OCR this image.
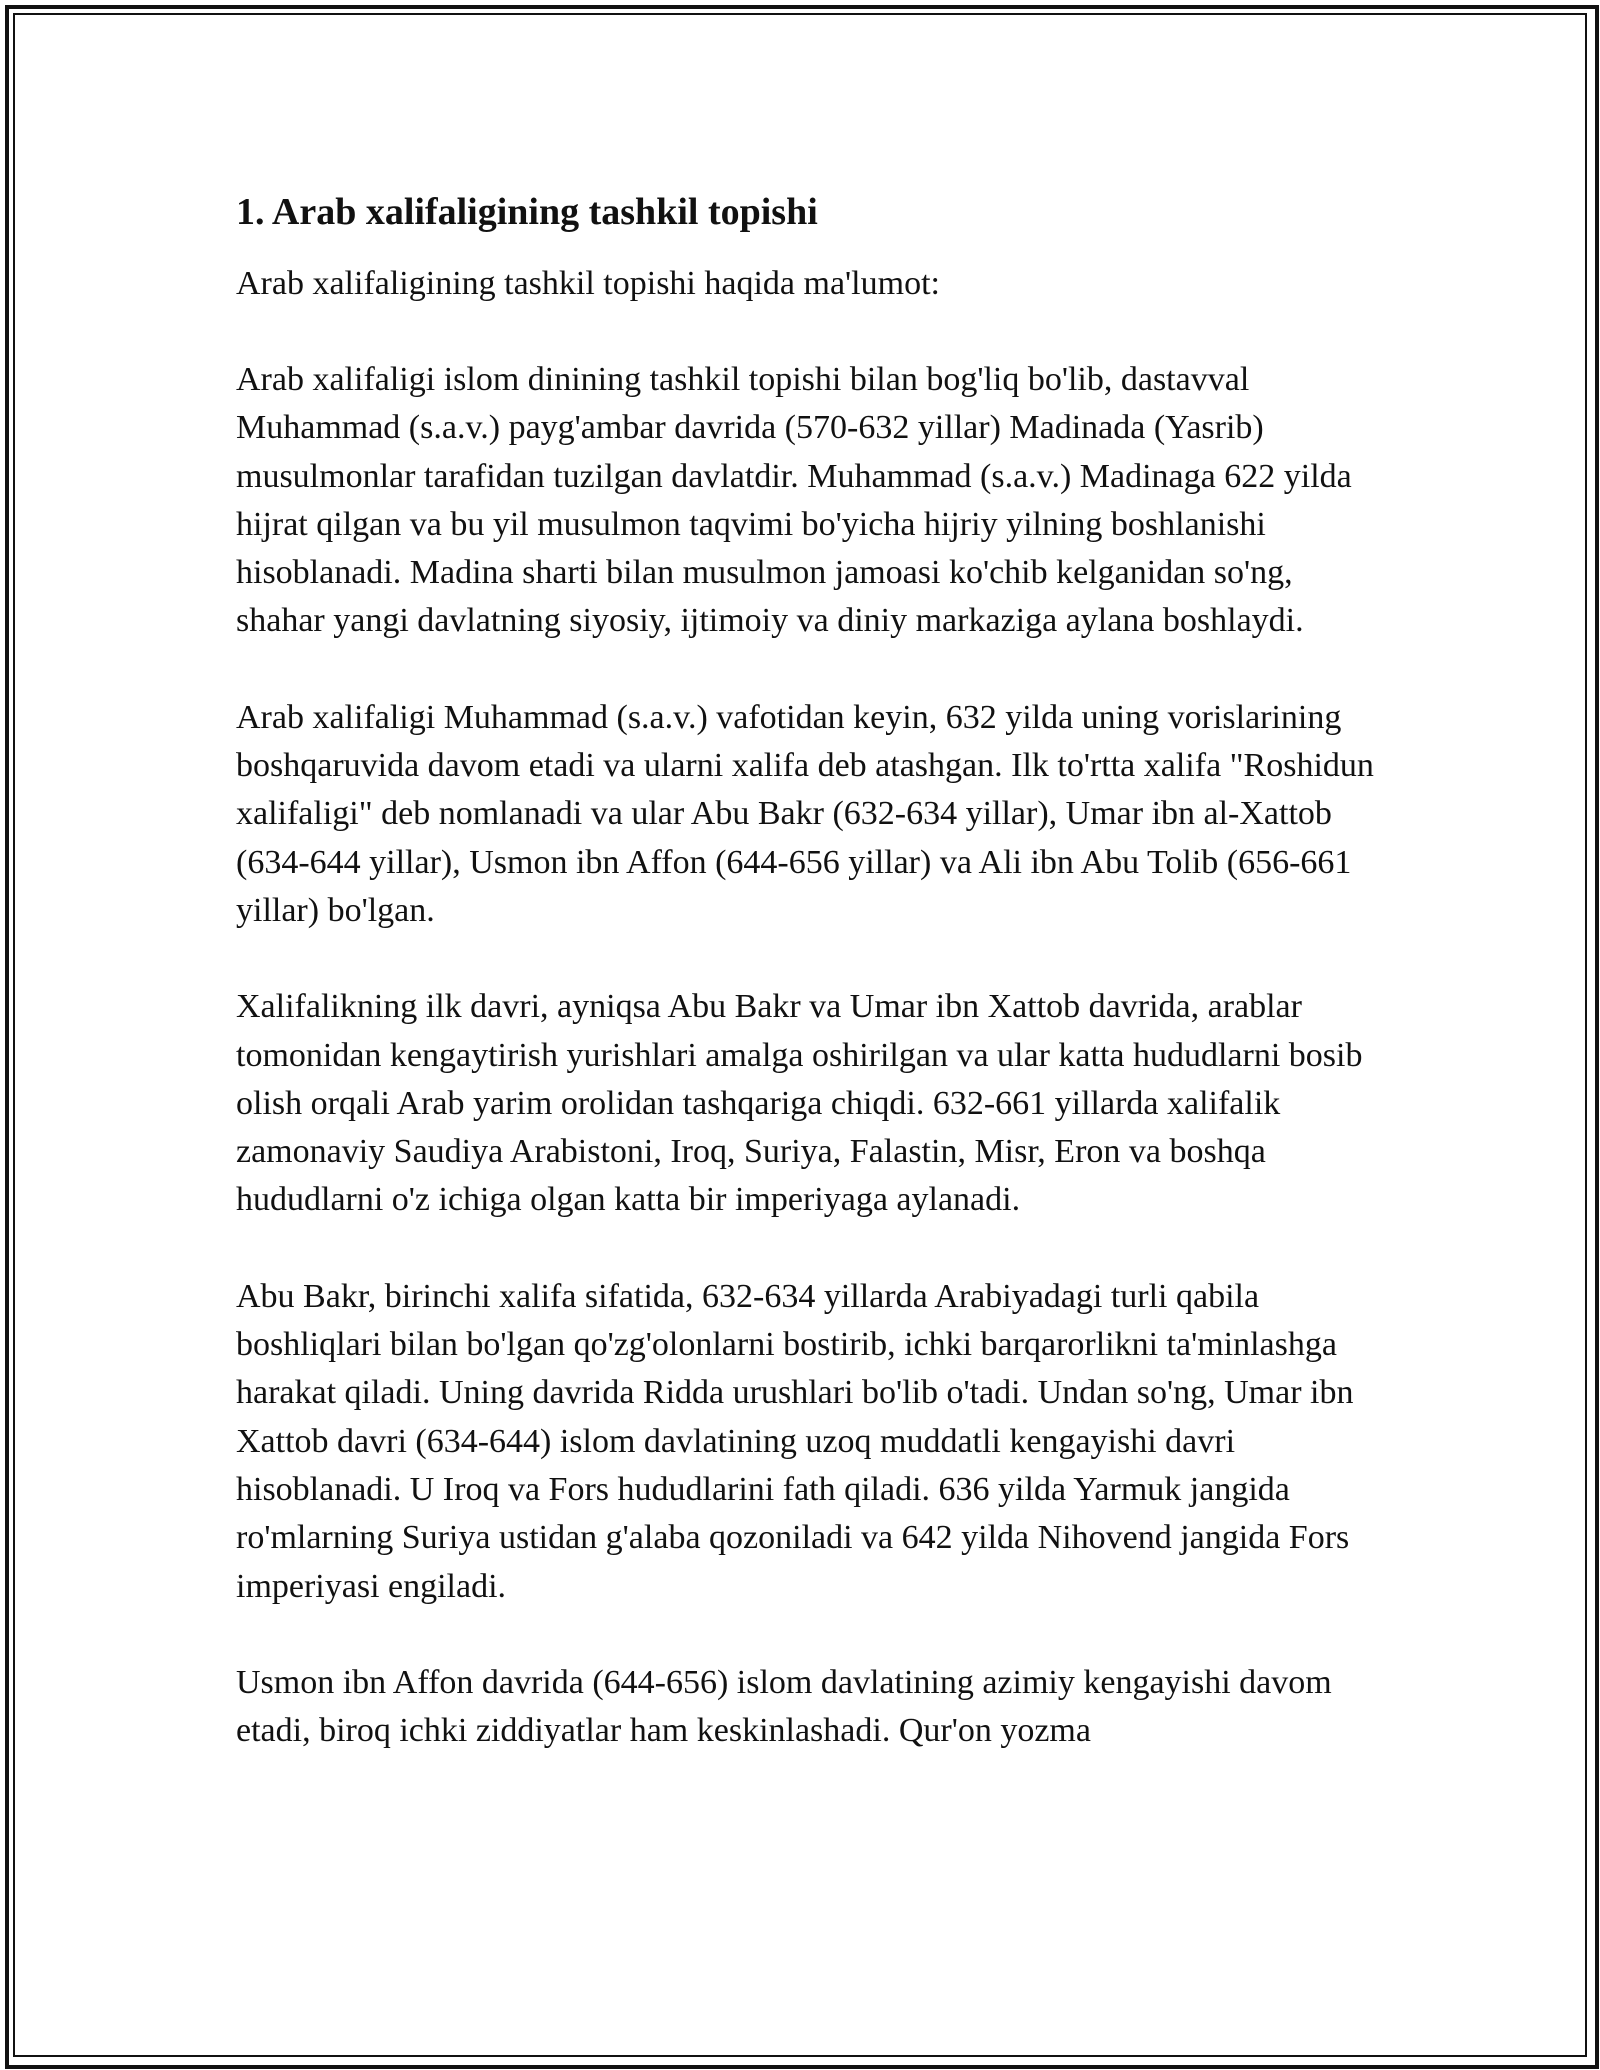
1. Arab xalifaligining tashkil topishi

Arab xalifaligining tashkil topishi haqida ma'lumot:

Arab xalifaligi islom dinining tashkil topishi bilan bog'liq bo'lib, dastavval Muhammad (s.a.v.) payg'ambar davrida (570-632 yillar) Madinada (Yasrib) musulmonlar tarafidan tuzilgan davlatdir. Muhammad (s.a.v.) Madinaga 622 yilda hijrat qilgan va bu yil musulmon taqvimi bo'yicha hijriy yilning boshlanishi hisoblanadi. Madina sharti bilan musulmon jamoasi ko'chib kelganidan so'ng, shahar yangi davlatning siyosiy, ijtimoiy va diniy markaziga aylana boshlaydi.

Arab xalifaligi Muhammad (s.a.v.) vafotidan keyin, 632 yilda uning vorislarining boshqaruvida davom etadi va ularni xalifa deb atashgan. Ilk to'rtta xalifa "Roshidun xalifaligi" deb nomlanadi va ular Abu Bakr (632-634 yillar), Umar ibn al-Xattob (634-644 yillar), Usmon ibn Affon (644-656 yillar) va Ali ibn Abu Tolib (656-661 yillar) bo'lgan.

Xalifalikning ilk davri, ayniqsa Abu Bakr va Umar ibn Xattob davrida, arablar tomonidan kengaytirish yurishlari amalga oshirilgan va ular katta hududlarni bosib olish orqali Arab yarim orolidan tashqariga chiqdi. 632-661 yillarda xalifalik zamonaviy Saudiya Arabistoni, Iroq, Suriya, Falastin, Misr, Eron va boshqa hududlarni o'z ichiga olgan katta bir imperiyaga aylanadi.

Abu Bakr, birinchi xalifa sifatida, 632-634 yillarda Arabiyadagi turli qabila boshliqlari bilan bo'lgan qo'zg'olonlarni bostirib, ichki barqarorlikni ta'minlashga harakat qiladi. Uning davrida Ridda urushlari bo'lib o'tadi. Undan so'ng, Umar ibn Xattob davri (634-644) islom davlatining uzoq muddatli kengayishi davri hisoblanadi. U Iroq va Fors hududlarini fath qiladi. 636 yilda Yarmuk jangida ro'mlarning Suriya ustidan g'alaba qozoniladi va 642 yilda Nihovend jangida Fors imperiyasi engiladi.

Usmon ibn Affon davrida (644-656) islom davlatining azimiy kengayishi davom etadi, biroq ichki ziddiyatlar ham keskinlashadi. Qur'on yozma
